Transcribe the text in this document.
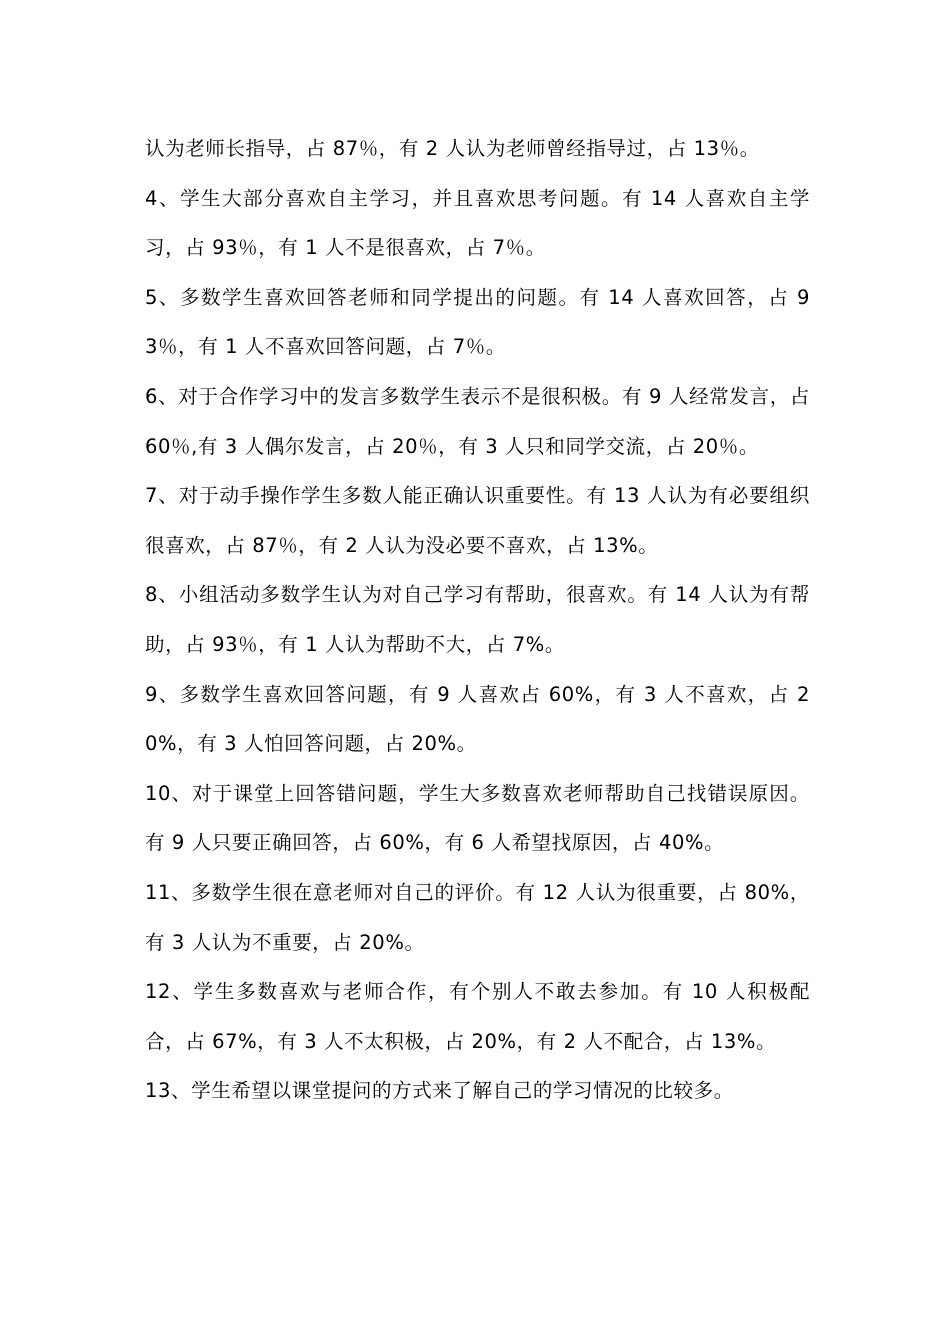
认为老师长指导，占 87％，有 2 人认为老师曾经指导过，占 13％。

4、学生大部分喜欢自主学习，并且喜欢思考问题。有 14 人喜欢自主学习，占 93％，有 1 人不是很喜欢，占 7％。

5、多数学生喜欢回答老师和同学提出的问题。有 14 人喜欢回答，占 93％，有 1 人不喜欢回答问题，占 7％。

6、对于合作学习中的发言多数学生表示不是很积极。有 9 人经常发言，占 60％,有 3 人偶尔发言，占 20％，有 3 人只和同学交流，占 20％。

7、对于动手操作学生多数人能正确认识重要性。有 13 人认为有必要组织很喜欢，占 87％，有 2 人认为没必要不喜欢，占 13%。

8、小组活动多数学生认为对自己学习有帮助，很喜欢。有 14 人认为有帮助，占 93％，有 1 人认为帮助不大，占 7%。

9、多数学生喜欢回答问题，有 9 人喜欢占 60%，有 3 人不喜欢，占 20%，有 3 人怕回答问题，占 20%。

10、对于课堂上回答错问题，学生大多数喜欢老师帮助自己找错误原因。有 9 人只要正确回答，占 60%，有 6 人希望找原因，占 40%。

11、多数学生很在意老师对自己的评价。有 12 人认为很重要，占 80%，有 3 人认为不重要，占 20%。

12、学生多数喜欢与老师合作，有个别人不敢去参加。有 10 人积极配合，占 67%，有 3 人不太积极，占 20%，有 2 人不配合，占 13%。

13、学生希望以课堂提问的方式来了解自己的学习情况的比较多。
